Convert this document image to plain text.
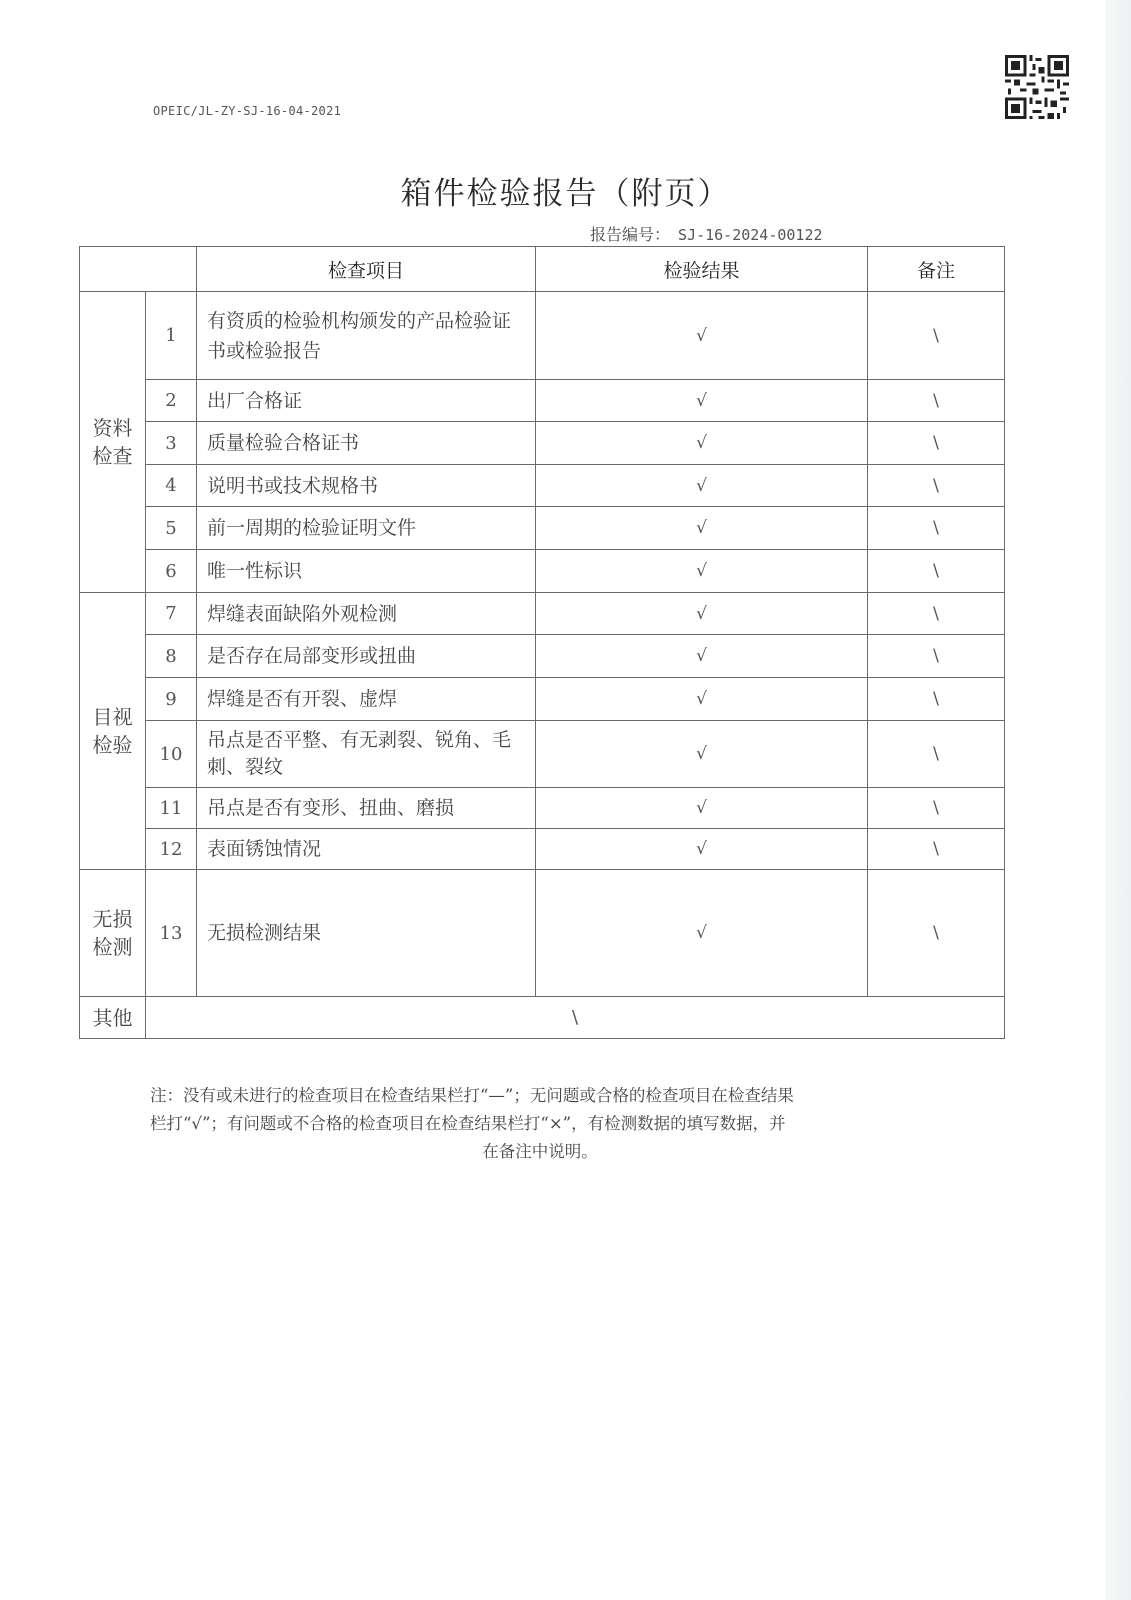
OPEIC/JL-ZY-SJ-16-04-2021
箱件检验报告（附页）
报告编号： SJ-16-2024-00122
		检查项目	检验结果	备注
资料检查	1	有资质的检验机构颁发的产品检验证书或检验报告	√	\
	2	出厂合格证	√	\
	3	质量检验合格证书	√	\
	4	说明书或技术规格书	√	\
	5	前一周期的检验证明文件	√	\
	6	唯一性标识	√	\
目视检验	7	焊缝表面缺陷外观检测	√	\
	8	是否存在局部变形或扭曲	√	\
	9	焊缝是否有开裂、虚焊	√	\
	10	吊点是否平整、有无剥裂、锐角、毛刺、裂纹	√	\
	11	吊点是否有变形、扭曲、磨损	√	\
	12	表面锈蚀情况	√	\
无损检测	13	无损检测结果	√	\
其他	\			
注：没有或未进行的检查项目在检查结果栏打“—”；无问题或合格的检查项目在检查结果
栏打“√”；有问题或不合格的检查项目在检查结果栏打“×”，有检测数据的填写数据，并
在备注中说明。
